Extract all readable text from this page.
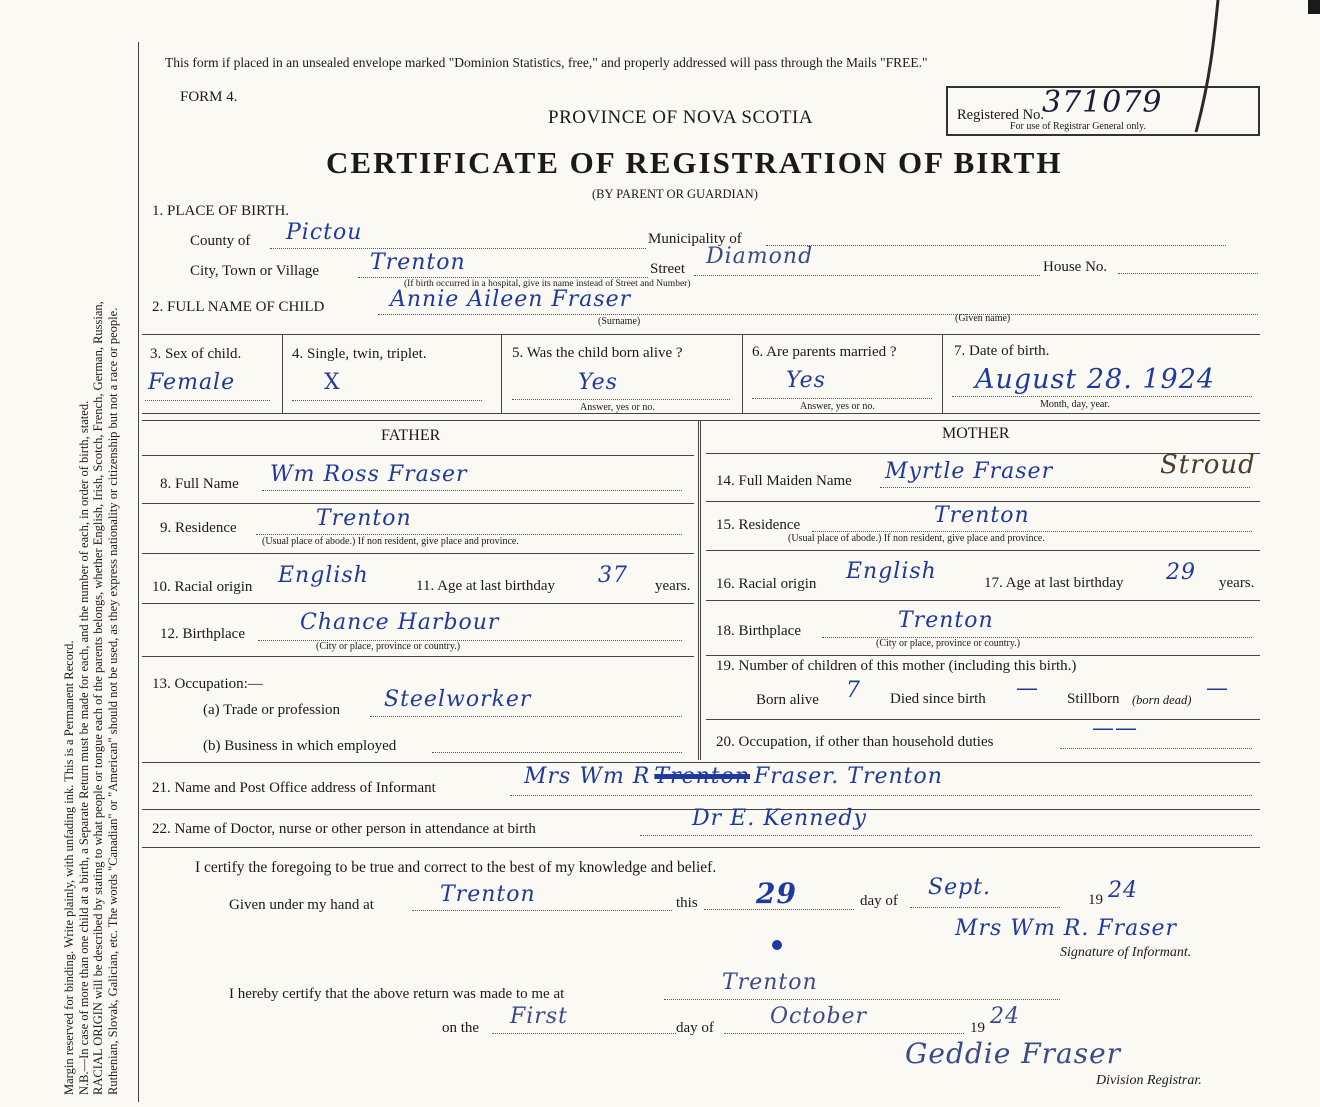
Margin reserved for binding. Write plainly, with unfading ink. This is a Permanent Record. N.B.—In case of more than one child at a birth, a Separate Return must be made for each, and the number of each, in order of birth, stated. RACIAL ORIGIN will be described by stating to what people or tongue each of the parents belongs, whether English, Irish, Scotch, French, German, Russian, Ruthenian, Slovak, Galician, etc. The words "Canadian" or "American" should not be used, as they express nationality or citizenship but not a race or people.
This form if placed in an unsealed envelope marked "Dominion Statistics, free," and properly addressed will pass through the Mails "FREE."
FORM 4.
PROVINCE OF NOVA SCOTIA
CERTIFICATE OF REGISTRATION OF BIRTH
(BY PARENT OR GUARDIAN)
Registered No.
371079
For use of Registrar General only.
1. PLACE OF BIRTH.
County of Pictou	Municipality of
City, Town or Village Trenton
(If birth occurred in a hospital, give its name instead of Street and Number)
Street Diamond	House No.
2. FULL NAME OF CHILD	Annie Aileen Fraser
(Surname)	(Given name)
3. Sex of child.
Female
4. Single, twin, triplet.
X
5. Was the child born alive ?
Yes
Answer, yes or no.
6. Are parents married ?
Yes
Answer, yes or no.
7. Date of birth.
August 28. 1924
Month, day, year.
FATHER	MOTHER
8. Full Name Wm Ross Fraser
9. Residence	Trenton
(Usual place of abode.) If non resident, give place and province.
10. Racial origin English	11. Age at last birthday 37 years.
12. Birthplace	Chance Harbour
(City or place, province or country.)
13. Occupation:—
(a) Trade or profession Steelworker
(b) Business in which employed
14. Full Maiden Name Myrtle Fraser	Stroud
15. Residence	Trenton
(Usual place of abode.) If non resident, give place and province.
16. Racial origin English	17. Age at last birthday 29 years.
18. Birthplace	Trenton
(City or place, province or country.)
19. Number of children of this mother (including this birth.)
Born alive 7 Died since birth — Stillborn (born dead) —
20. Occupation, if other than household duties
——
21. Name and Post Office address of Informant	Mrs Wm R Trenton Fraser. Trenton
22. Name of Doctor, nurse or other person in attendance at birth	Dr E. Kennedy
I certify the foregoing to be true and correct to the best of my knowledge and belief.
Given under my hand at	Trenton	this 29	day of
Sept.	19 24
Mrs Wm R. Fraser
Signature of Informant.
I hereby certify that the above return was made to me at	Trenton
on the First	day of	October	19 24
Geddie Fraser
Division Registrar.
